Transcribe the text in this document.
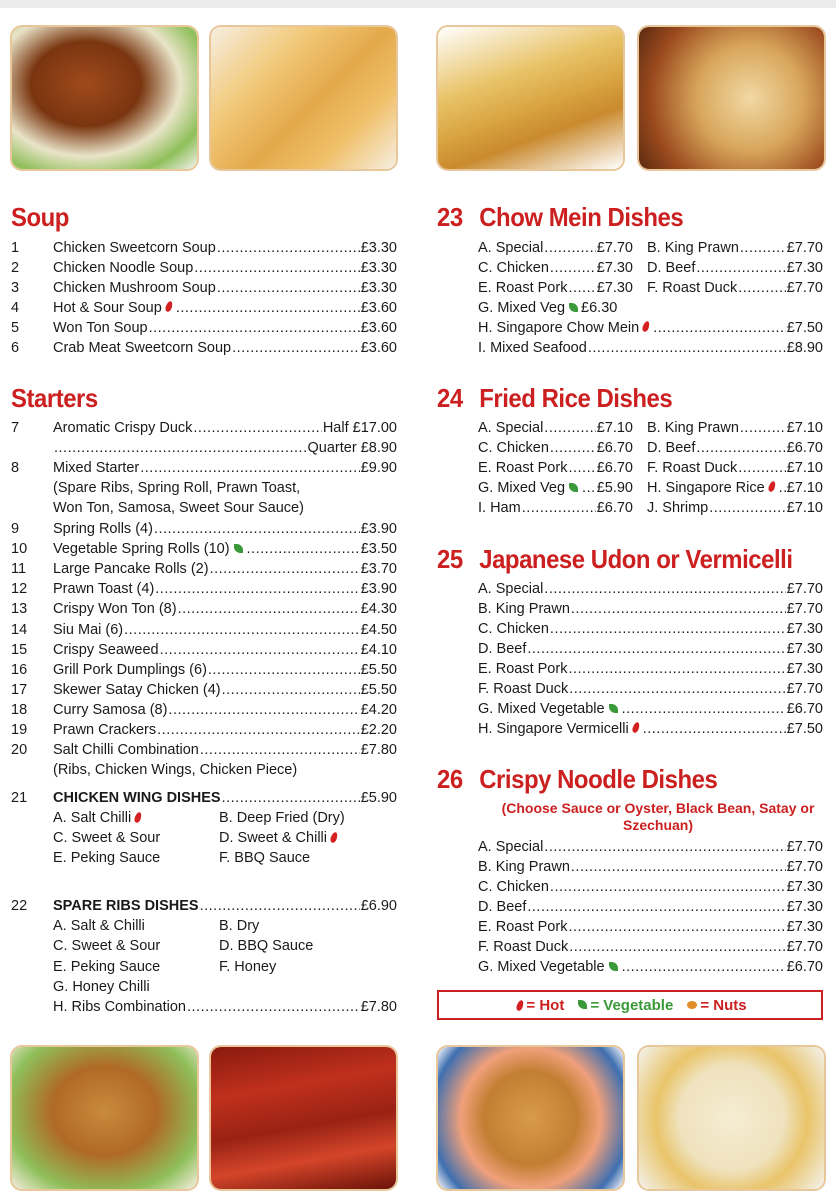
Soup
1 Chicken Sweetcorn Soup .....	£3.30
2 Chicken Noodle Soup .....	£3.30
3 Chicken Mushroom Soup .....	£3.30
4 Hot & Sour Soup .....	£3.60
5 Won Ton Soup .....	£3.60
6 Crab Meat Sweetcorn Soup .....	£3.60
Starters
7 Aromatic Crispy Duck .....	Half £17.00
.....
Quarter £8.90
8 Mixed Starter .....	£9.90
(Spare Ribs, Spring Roll, Prawn Toast,
Won Ton, Samosa, Sweet Sour Sauce)
9 Spring Rolls (4) .....	£3.90
10 Vegetable Spring Rolls (10) .....	£3.50
11 Large Pancake Rolls (2) .....	£3.70
12 Prawn Toast (4) .....	£3.90
13 Crispy Won Ton (8) .....	£4.30
14 Siu Mai (6) .....	£4.50
15 Crispy Seaweed .....	£4.10
16 Grill Pork Dumplings (6) .....	£5.50
17 Skewer Satay Chicken (4) .....	£5.50
18 Curry Samosa (8) .....	£4.20
19 Prawn Crackers .....	£2.20
20 Salt Chilli Combination .....	£7.80
(Ribs, Chicken Wings, Chicken Piece)
21 CHICKEN WING DISHES .....	£5.90
A. Salt Chilli	B. Deep Fried (Dry)
C. Sweet & Sour	D. Sweet & Chilli
E. Peking Sauce	F. BBQ Sauce
22 SPARE RIBS DISHES .....	£6.90
A. Salt & Chilli	B. Dry
C. Sweet & Sour	D. BBQ Sauce
E. Peking Sauce	F. Honey
G. Honey Chilli
H. Ribs Combination .....	£7.80
23 Chow Mein Dishes
A. Special .....	£7.70 B. King Prawn .....	£7.70
C. Chicken .....	£7.30 D. Beef .....	£7.30
E. Roast Pork ..... £7.30 F. Roast Duck .....	£7.70
G. Mixed Veg £6.30
H. Singapore Chow Mein .....	£7.50
I. Mixed Seafood .....	£8.90
24 Fried Rice Dishes
A. Special .....	£7.10 B. King Prawn .....	£7.10
C. Chicken .....	£6.70 D. Beef .....	£6.70
E. Roast Pork ..... £6.70 F. Roast Duck .....	£7.10
G. Mixed Veg ..... £5.90 H. Singapore Rice ..... £7.10
I. Ham .....	£6.70 J. Shrimp .....	£7.10
25 Japanese Udon or Vermicelli
A. Special .....	£7.70
B. King Prawn .....	£7.70
C. Chicken .....	£7.30
D. Beef .....	£7.30
E. Roast Pork .....	£7.30
F. Roast Duck .....	£7.70
G. Mixed Vegetable .....	£6.70
H. Singapore Vermicelli .....	£7.50
26 Crispy Noodle Dishes
(Choose Sauce or Oyster, Black Bean, Satay or
Szechuan)
A. Special .....	£7.70
B. King Prawn .....	£7.70
C. Chicken .....	£7.30
D. Beef .....	£7.30
E. Roast Pork .....	£7.30
F. Roast Duck .....	£7.70
G. Mixed Vegetable .....	£6.70
= Hot	= Vegetable	= Nuts
